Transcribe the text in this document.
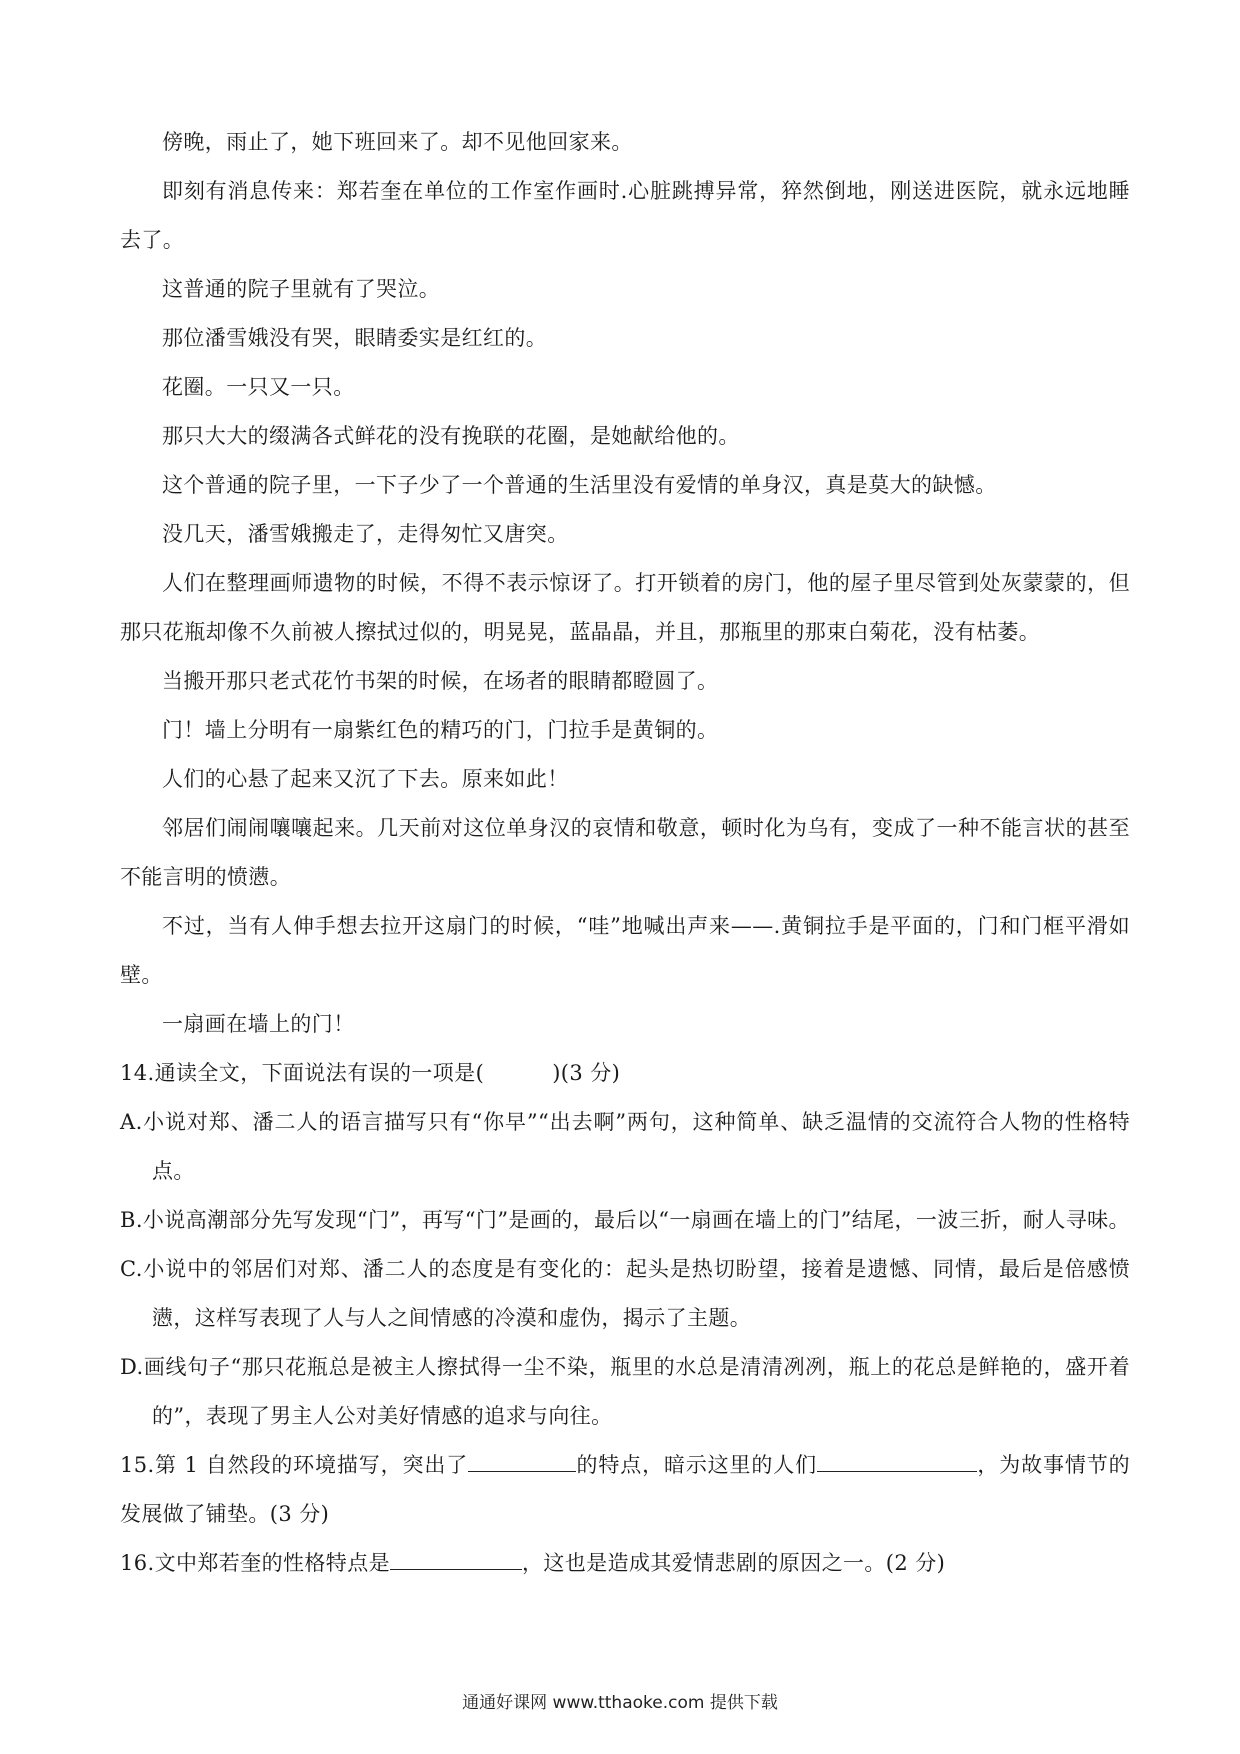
傍晚，雨止了，她下班回来了。却不见他回家来。

即刻有消息传来：郑若奎在单位的工作室作画时.心脏跳搏异常，猝然倒地，刚送进医院，就永远地睡去了。

这普通的院子里就有了哭泣。

那位潘雪娥没有哭，眼睛委实是红红的。

花圈。一只又一只。

那只大大的缀满各式鲜花的没有挽联的花圈，是她献给他的。

这个普通的院子里，一下子少了一个普通的生活里没有爱情的单身汉，真是莫大的缺憾。

没几天，潘雪娥搬走了，走得匆忙又唐突。

人们在整理画师遗物的时候，不得不表示惊讶了。打开锁着的房门，他的屋子里尽管到处灰蒙蒙的，但那只花瓶却像不久前被人擦拭过似的，明晃晃，蓝晶晶，并且，那瓶里的那束白菊花，没有枯萎。

当搬开那只老式花竹书架的时候，在场者的眼睛都瞪圆了。

门！墙上分明有一扇紫红色的精巧的门，门拉手是黄铜的。

人们的心悬了起来又沉了下去。原来如此！

邻居们闹闹嚷嚷起来。几天前对这位单身汉的哀情和敬意，顿时化为乌有，变成了一种不能言状的甚至不能言明的愤懑。

不过，当有人伸手想去拉开这扇门的时候，“哇”地喊出声来——.黄铜拉手是平面的，门和门框平滑如壁。

一扇画在墙上的门！

14.通读全文，下面说法有误的一项是(	)(3 分)

A.小说对郑、潘二人的语言描写只有“你早”“出去啊”两句，这种简单、缺乏温情的交流符合人物的性格特点。

B.小说高潮部分先写发现“门”，再写“门”是画的，最后以“一扇画在墙上的门”结尾，一波三折，耐人寻味。

C.小说中的邻居们对郑、潘二人的态度是有变化的：起头是热切盼望，接着是遗憾、同情，最后是倍感愤懑，这样写表现了人与人之间情感的冷漠和虚伪，揭示了主题。

D.画线句子“那只花瓶总是被主人擦拭得一尘不染，瓶里的水总是清清冽冽，瓶上的花总是鲜艳的，盛开着的”，表现了男主人公对美好情感的追求与向往。

15.第 1 自然段的环境描写，突出了	的特点，暗示这里的人们	，为故事情节的发展做了铺垫。(3 分)

16.文中郑若奎的性格特点是	，这也是造成其爱情悲剧的原因之一。(2 分)

通通好课网 www.tthaoke.com 提供下载
